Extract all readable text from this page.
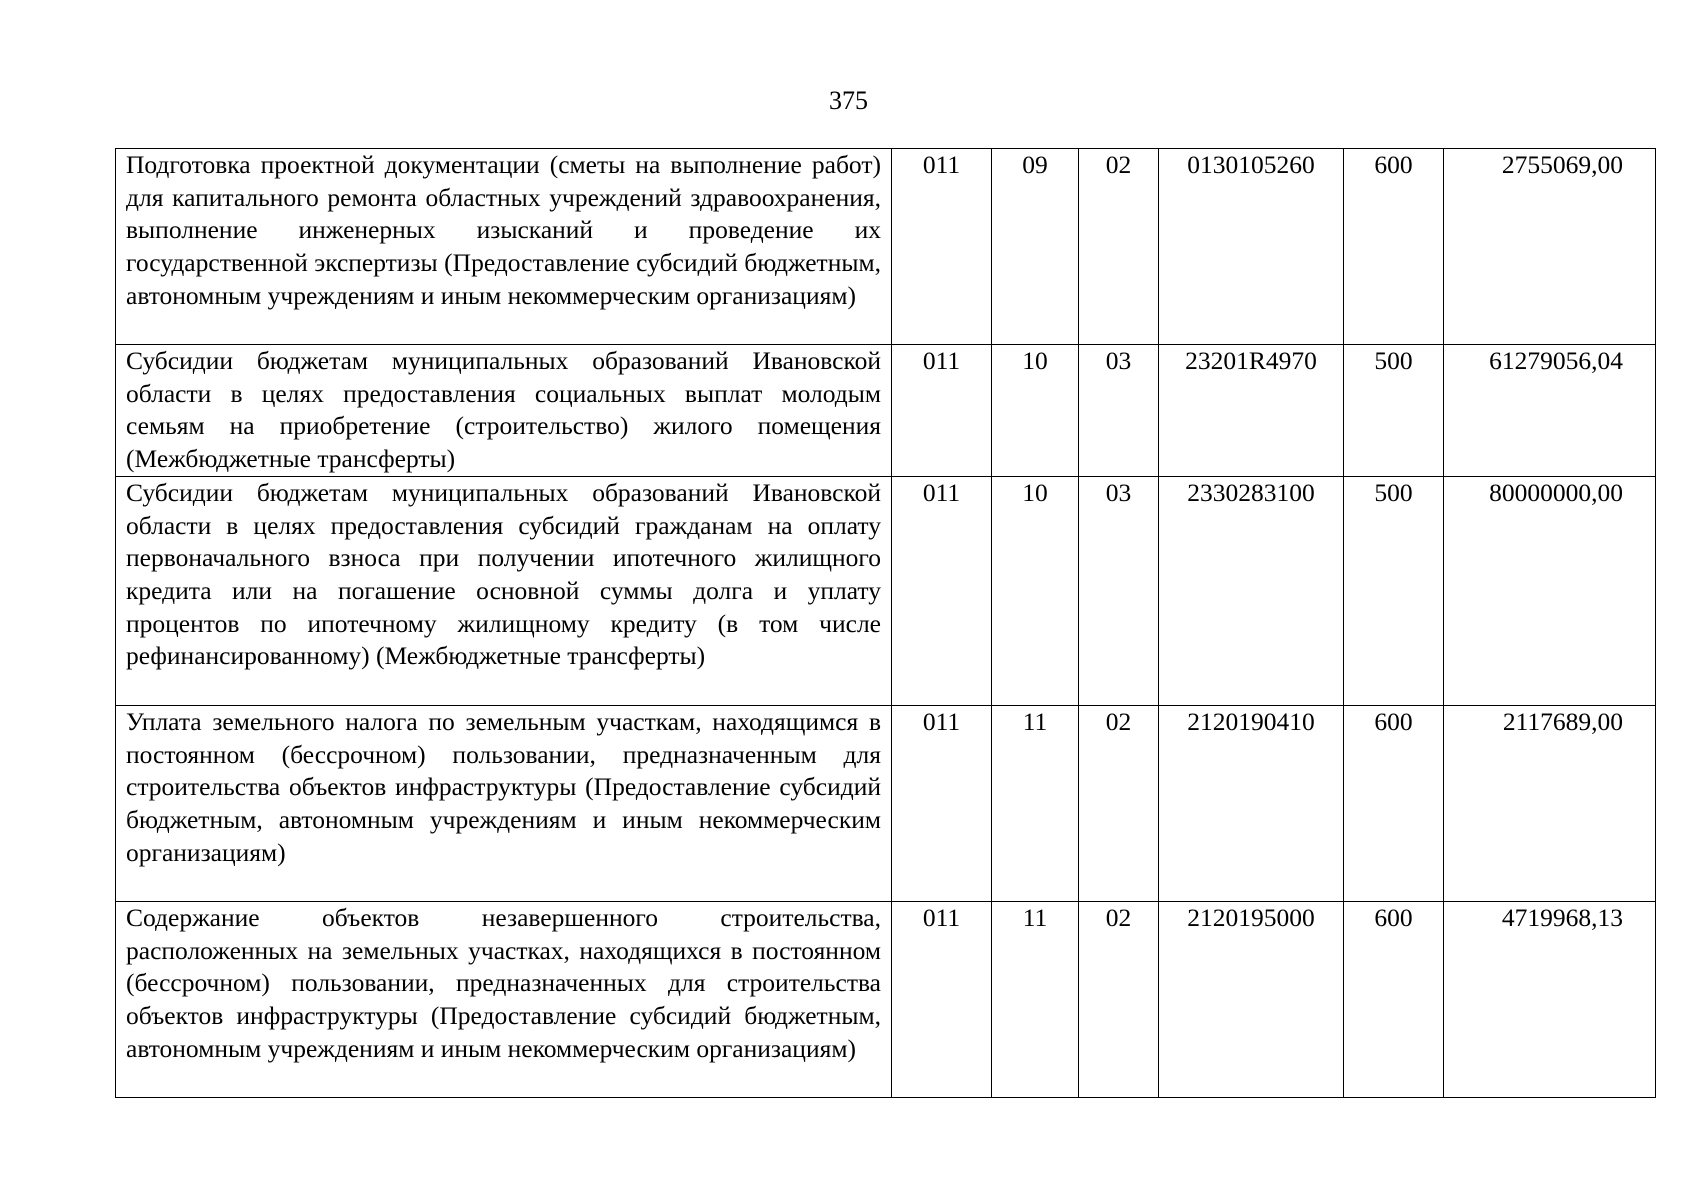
375
Подготовка проектной документации (сметы на выполнение работ) для капитального ремонта областных учреждений здравоохранения, выполнение инженерных изысканий и проведение их государственной экспертизы (Предоставление субсидий бюджетным, автономным учреждениям и иным некоммерческим организациям)	011	09	02	0130105260	600	2755069,00
Субсидии бюджетам муниципальных образований Ивановской области в целях предоставления социальных выплат молодым семьям на приобретение (строительство) жилого помещения (Межбюджетные трансферты)	011	10	03	23201R4970	500	61279056,04
Субсидии бюджетам муниципальных образований Ивановской области в целях предоставления субсидий гражданам на оплату первоначального взноса при получении ипотечного жилищного кредита или на погашение основной суммы долга и уплату процентов по ипотечному жилищному кредиту (в том числе рефинансированному) (Межбюджетные трансферты)	011	10	03	2330283100	500	80000000,00
Уплата земельного налога по земельным участкам, находящимся в постоянном (бессрочном) пользовании, предназначенным для строительства объектов инфраструктуры (Предоставление субсидий бюджетным, автономным учреждениям и иным некоммерческим организациям)	011	11	02	2120190410	600	2117689,00
Содержание объектов незавершенного строительства, расположенных на земельных участках, находящихся в постоянном (бессрочном) пользовании, предназначенных для строительства объектов инфраструктуры (Предоставление субсидий бюджетным, автономным учреждениям и иным некоммерческим организациям)	011	11	02	2120195000	600	4719968,13
